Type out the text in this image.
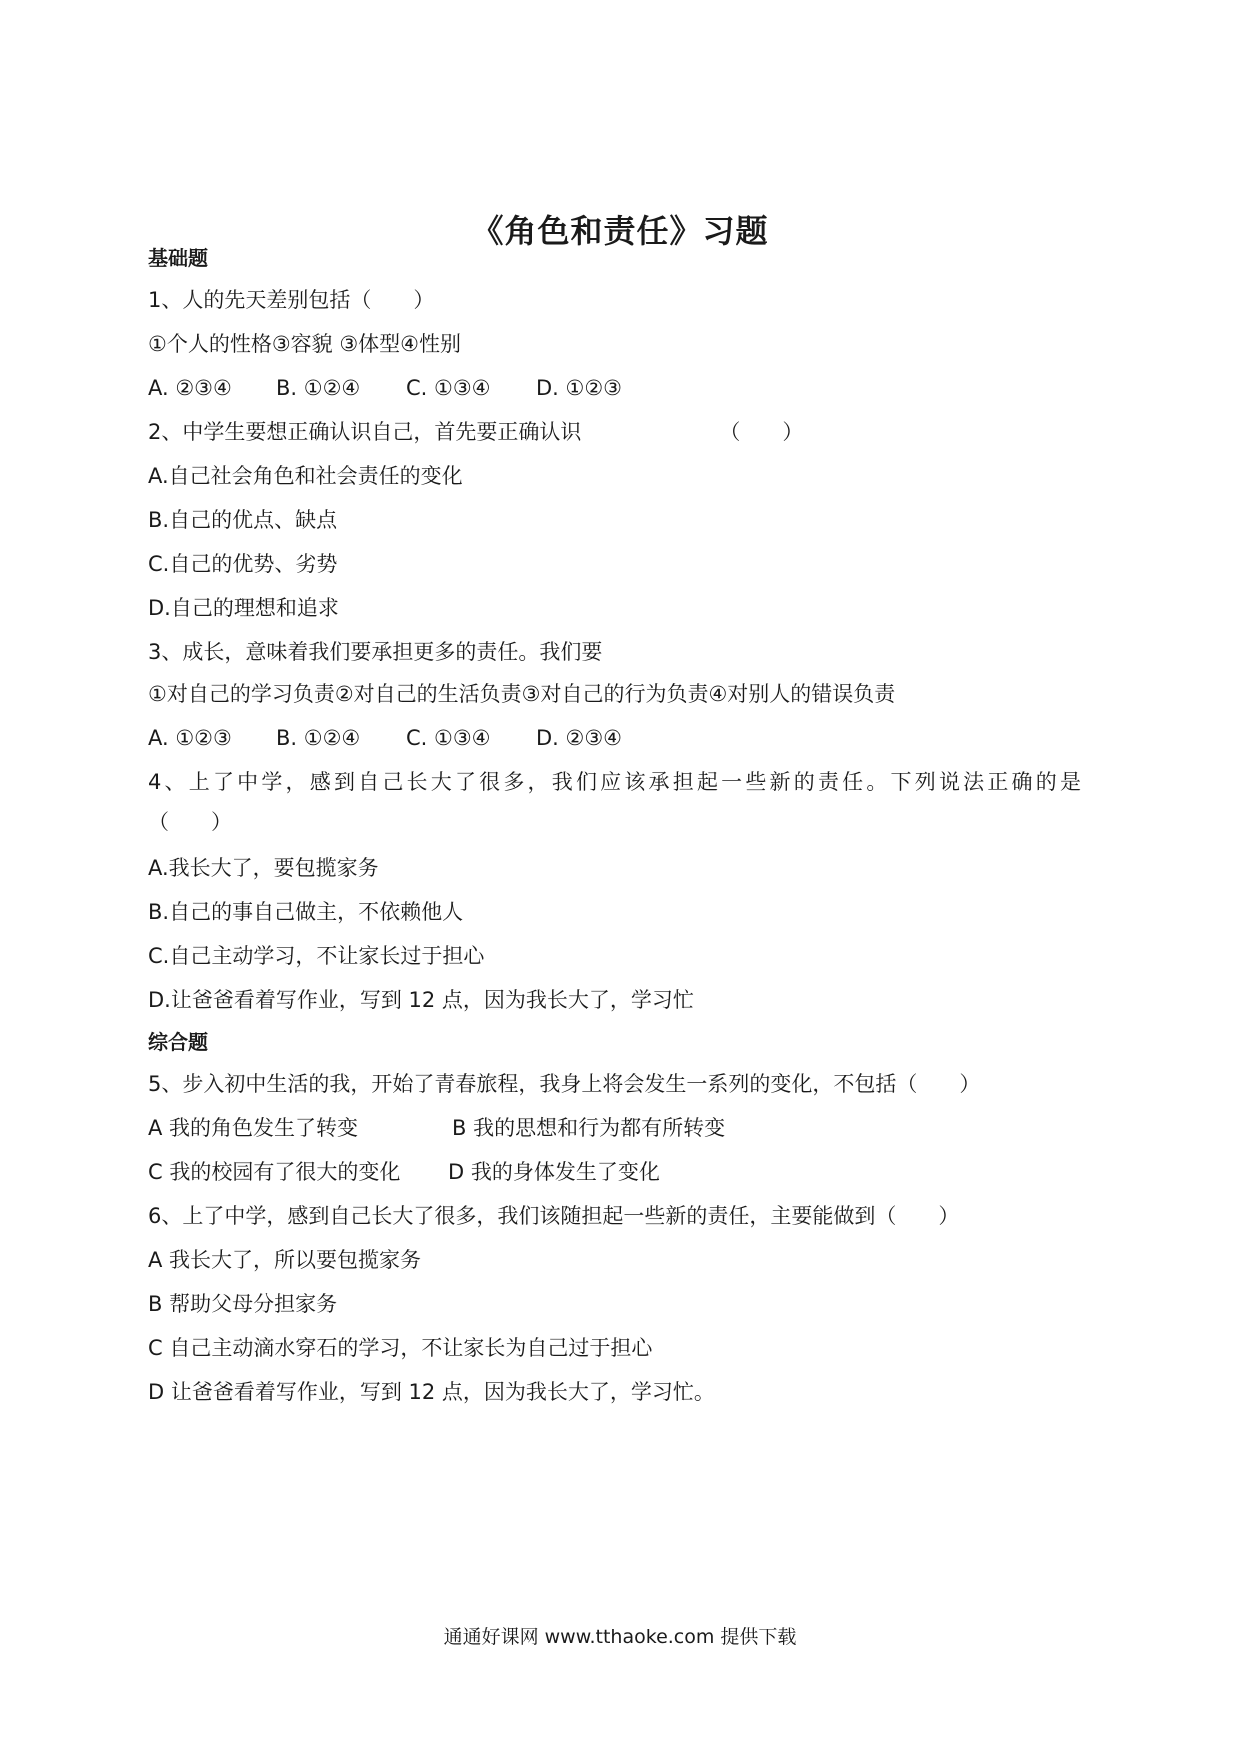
《角色和责任》习题
基础题
1、人的先天差别包括（　　）
①个人的性格③容貌 ③体型④性别
A. ②③④ B. ①②④ C. ①③④ D. ①②③
2、中学生要想正确认识自己，首先要正确认识	（　　）
A.自己社会角色和社会责任的变化
B.自己的优点、缺点
C.自己的优势、劣势
D.自己的理想和追求
3、成长，意味着我们要承担更多的责任。我们要
①对自己的学习负责②对自己的生活负责③对自己的行为负责④对别人的错误负责
A. ①②③ B. ①②④ C. ①③④ D. ②③④
4、上了中学，感到自己长大了很多，我们应该承担起一些新的责任。下列说法正确的是
（　　）
A.我长大了，要包揽家务
B.自己的事自己做主，不依赖他人
C.自己主动学习，不让家长过于担心
D.让爸爸看着写作业，写到 12 点，因为我长大了，学习忙
综合题
5、步入初中生活的我，开始了青春旅程，我身上将会发生一系列的变化，不包括（　　）
A 我的角色发生了转变	B 我的思想和行为都有所转变
C 我的校园有了很大的变化 D 我的身体发生了变化
6、上了中学，感到自己长大了很多，我们该随担起一些新的责任，主要能做到（　　）
A 我长大了，所以要包揽家务
B 帮助父母分担家务
C 自己主动滴水穿石的学习，不让家长为自己过于担心
D 让爸爸看着写作业，写到 12 点，因为我长大了，学习忙。
通通好课网 www.tthaoke.com 提供下载
